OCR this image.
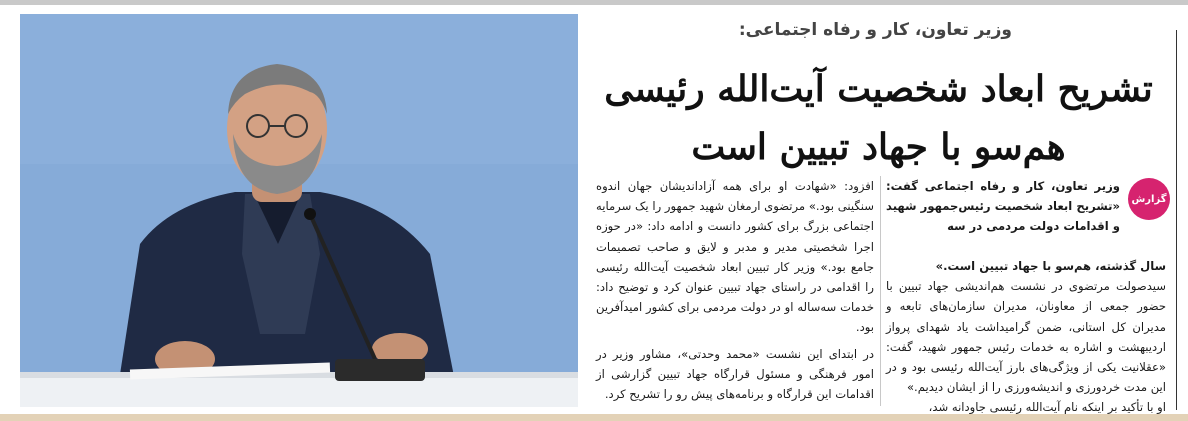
وزیر تعاون، کار و رفاه اجتماعی:
تشریح ابعاد شخصیت آیت‌الله رئیسی
هم‌سو با جهاد تبیین است
گزارش

وزیر تعاون، کار و رفاه اجتماعی گفت: «تشریح ابعاد شخصیت رئیس‌جمهور شهید و اقدامات دولت مردمی در سه

سال گذشته، هم‌سو با جهاد تبیین است.»

سیدصولت مرتضوی در نشست هم‌اندیشی جهاد تبیین با حضور جمعی از معاونان، مدیران سازمان‌های تابعه و مدیران کل استانی، ضمن گرامیداشت یاد شهدای پرواز اردیبهشت و اشاره به خدمات رئیس جمهور شهید، گفت: «عقلانیت یکی از ویژگی‌های بارز آیت‌الله رئیسی بود و در این مدت خردورزی و اندیشه‌ورزی را از ایشان دیدیم.»

او با تأکید بر اینکه نام آیت‌الله رئیسی جاودانه شد،

افزود: «شهادت او برای همه آزاداندیشان جهان اندوه سنگینی بود.» مرتضوی ارمغان شهید جمهور را یک سرمایه اجتماعی بزرگ برای کشور دانست و ادامه داد: «در حوزه اجرا شخصیتی مدیر و مدبر و لایق و صاحب تصمیمات جامع بود.» وزیر کار تبیین ابعاد شخصیت آیت‌الله رئیسی را اقدامی در راستای جهاد تبیین عنوان کرد و توضیح داد: خدمات سه‌ساله او در دولت مردمی برای کشور امیدآفرین بود.

در ابتدای این نشست «محمد وحدتی»، مشاور وزیر در امور فرهنگی و مسئول قرارگاه جهاد تبیین گزارشی از اقدامات این قرارگاه و برنامه‌های پیش رو را تشریح کرد.
